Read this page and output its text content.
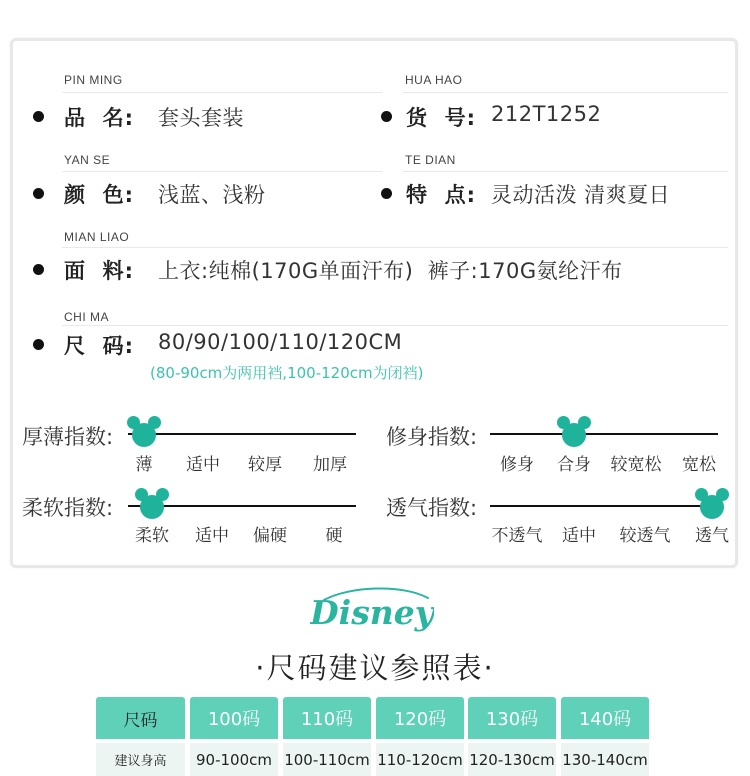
PIN MING	HUA HAO
品  名: 套头套装	货  号: 212T1252
YAN SE	TE DIAN
颜  色: 浅蓝、浅粉	特  点: 灵动活泼 清爽夏日
MIAN LIAO
面  料: 上衣:纯棉(170G单面汗布)  裤子:170G氨纶汗布
CHI MA
尺  码: 80/90/100/110/120CM
(80-90cm为两用裆,100-120cm为闭裆)
厚薄指数:
薄 适中 较厚 加厚
修身指数:
修身 合身 较宽松 宽松
柔软指数:
柔软 适中 偏硬 硬
透气指数:
不透气 适中 较透气 透气
Disney
·尺码建议参照表·
尺码	100码	110码	120码	130码	140码
建议身高	90-100cm 100-110cm 110-120cm 120-130cm 130-140cm
